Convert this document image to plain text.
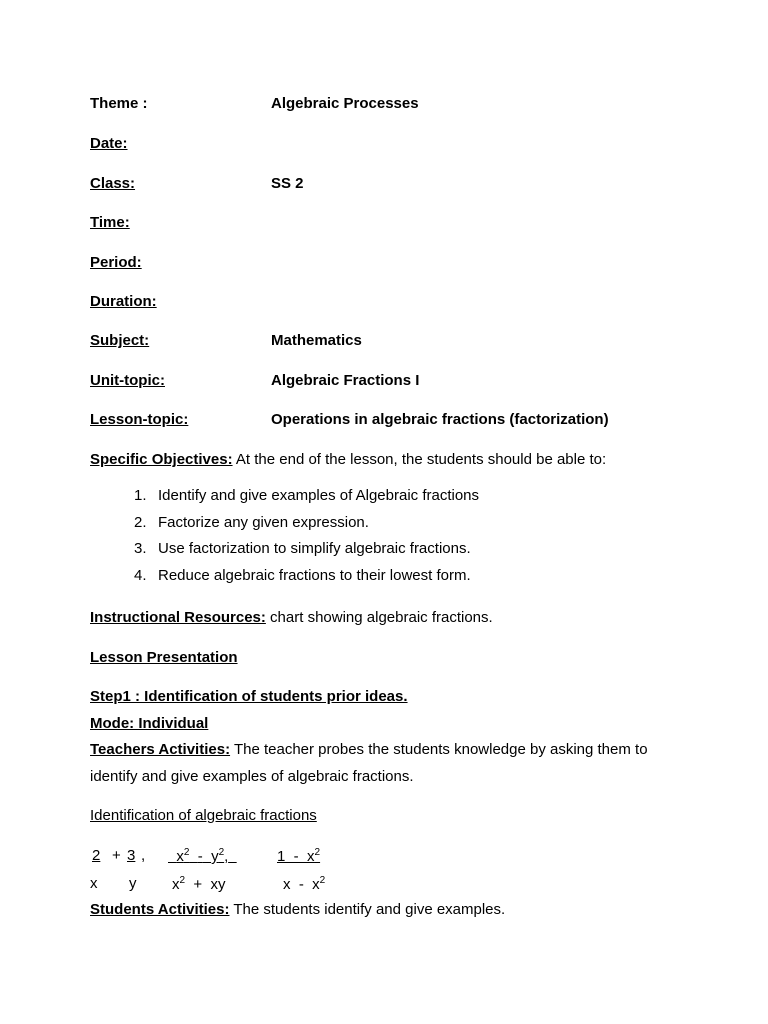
Theme :	Algebraic Processes
Date:
Class:	SS 2
Time:
Period:
Duration:
Subject:	Mathematics
Unit-topic:	Algebraic Fractions I
Lesson-topic:	Operations in algebraic fractions (factorization)
Specific Objectives: At the end of the lesson, the students should be able to:
1. Identify and give examples of Algebraic fractions
2. Factorize any given expression.
3. Use factorization to simplify algebraic fractions.
4. Reduce algebraic fractions to their lowest form.
Instructional Resources: chart showing algebraic fractions.
Lesson Presentation
Step1 : Identification of students prior ideas.
Mode: Individual
Teachers Activities: The teacher probes the students knowledge by asking them to identify and give examples of algebraic fractions.
Identification of algebraic fractions
2 + 3 ,
x y
$x^2 - y^2$,
$x^2$ +  xy
$1 - x^2$
x  -  $x^2$
Students Activities: The students identify and give examples.
